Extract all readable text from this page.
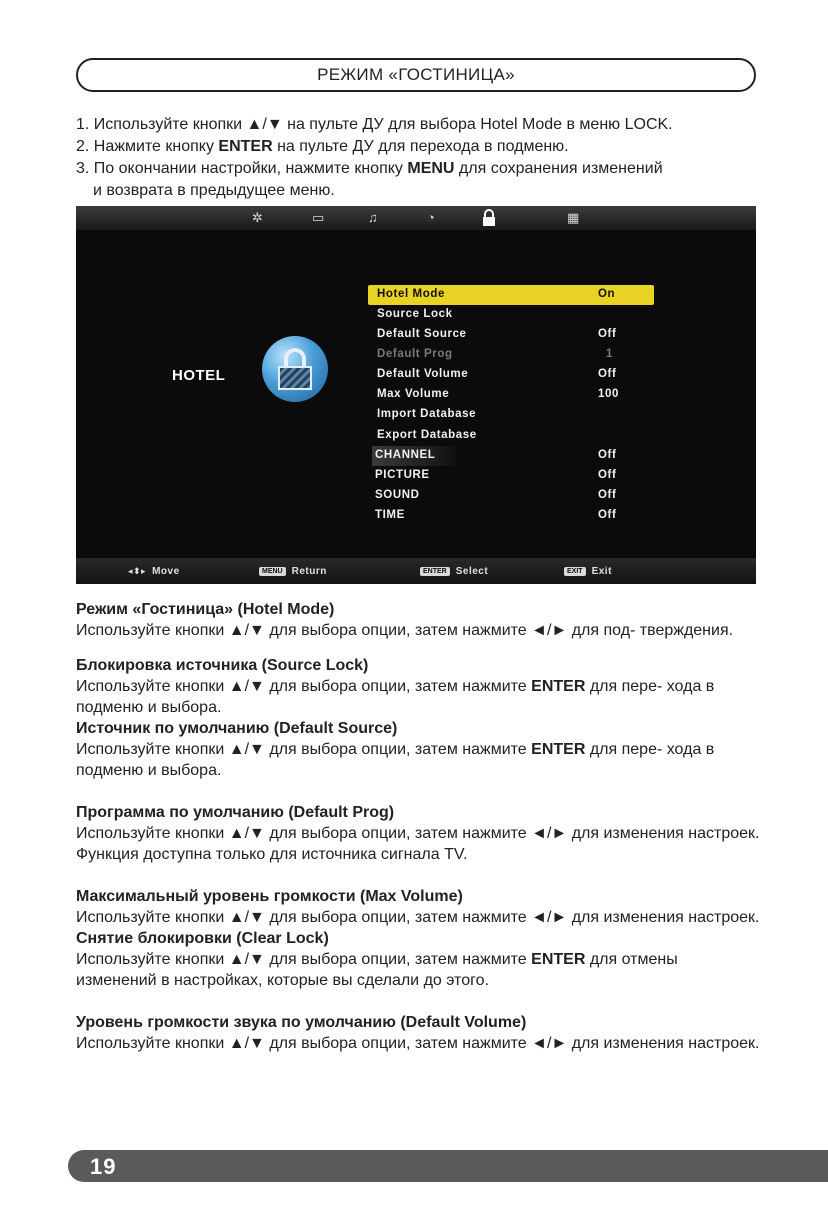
РЕЖИМ «ГОСТИНИЦА»
1. Используйте кнопки ▲/▼ на пульте ДУ для выбора Hotel Mode в меню LOCK.
2. Нажмите кнопку ENTER на пульте ДУ для перехода в подменю.
3. По окончании настройки, нажмите кнопку MENU для сохранения изменений
и возврата в предыдущее меню.
✲	▭	♫	◔	▦
HOTEL
Hotel Mode	On
Source Lock
Default Source	Off
Default Prog	1
Default Volume	Off
Max Volume	100
Import Database
Export Database
CHANNEL	Off
PICTURE	Off
SOUND	Off
TIME	Off
◂⬍▸ Move	MENU Return	ENTER Select	EXIT Exit
Режим «Гостиница» (Hotel Mode)

Используйте кнопки ▲/▼ для выбора опции, затем нажмите ◄/► для под- тверждения.

Блокировка источника (Source Lock)

Используйте кнопки ▲/▼ для выбора опции, затем нажмите ENTER для пере- хода в подменю и выбора.

Источник по умолчанию (Default Source)

Используйте кнопки ▲/▼ для выбора опции, затем нажмите ENTER для пере- хода в подменю и выбора.

Программа по умолчанию (Default Prog)

Используйте кнопки ▲/▼ для выбора опции, затем нажмите ◄/► для изменения настроек. Функция доступна только для источника сигнала TV.

Максимальный уровень громкости (Max Volume)

Используйте кнопки ▲/▼ для выбора опции, затем нажмите ◄/► для изменения настроек.

Снятие блокировки (Clear Lock)

Используйте кнопки ▲/▼ для выбора опции, затем нажмите ENTER для отмены изменений в настройках, которые вы сделали до этого.

Уровень громкости звука по умолчанию (Default Volume)

Используйте кнопки ▲/▼ для выбора опции, затем нажмите ◄/► для изменения настроек.

19
